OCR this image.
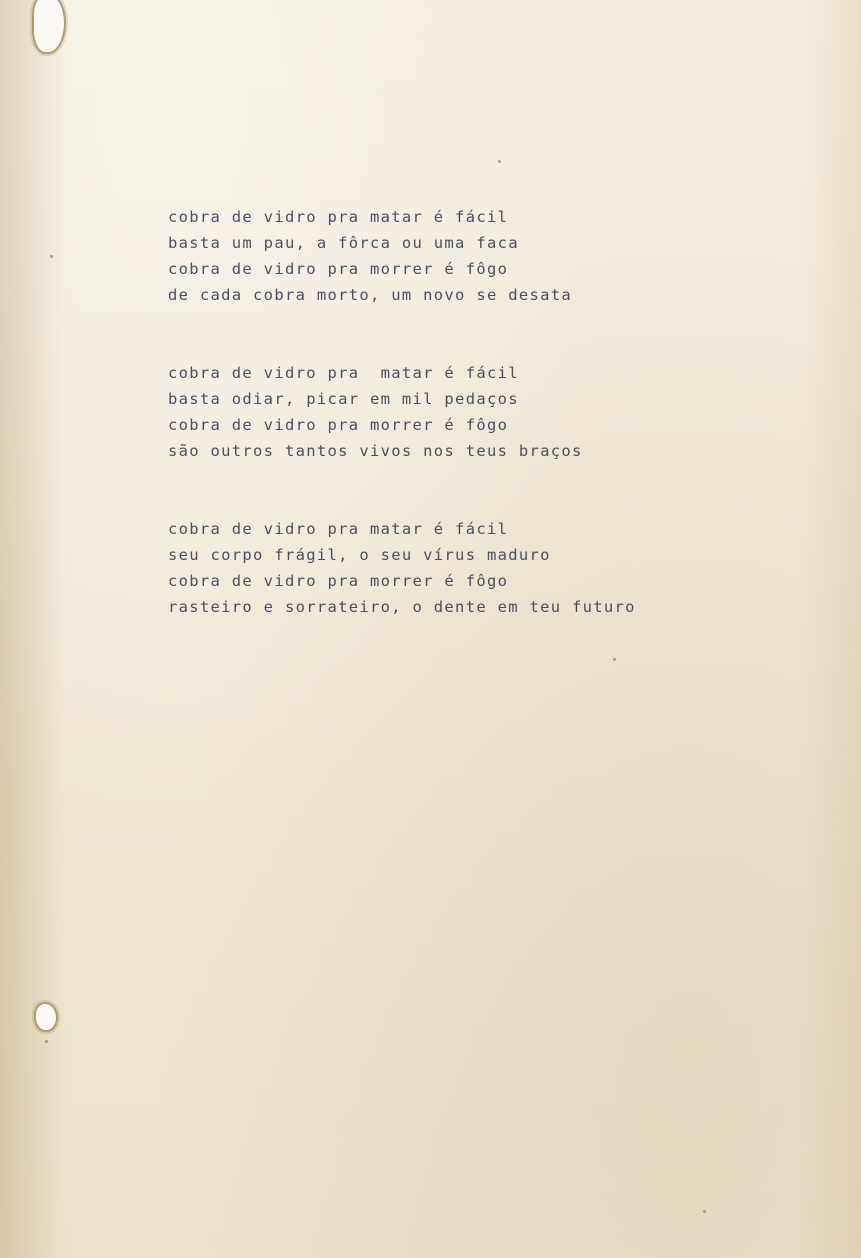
cobra de vidro pra matar é fácil
basta um pau, a fôrca ou uma faca
cobra de vidro pra morrer é fôgo
de cada cobra morto, um novo se desata
cobra de vidro pra  matar é fácil
basta odiar, picar em mil pedaços
cobra de vidro pra morrer é fôgo
são outros tantos vivos nos teus braços
cobra de vidro pra matar é fácil
seu corpo frágil, o seu vírus maduro
cobra de vidro pra morrer é fôgo
rasteiro e sorrateiro, o dente em teu futuro
